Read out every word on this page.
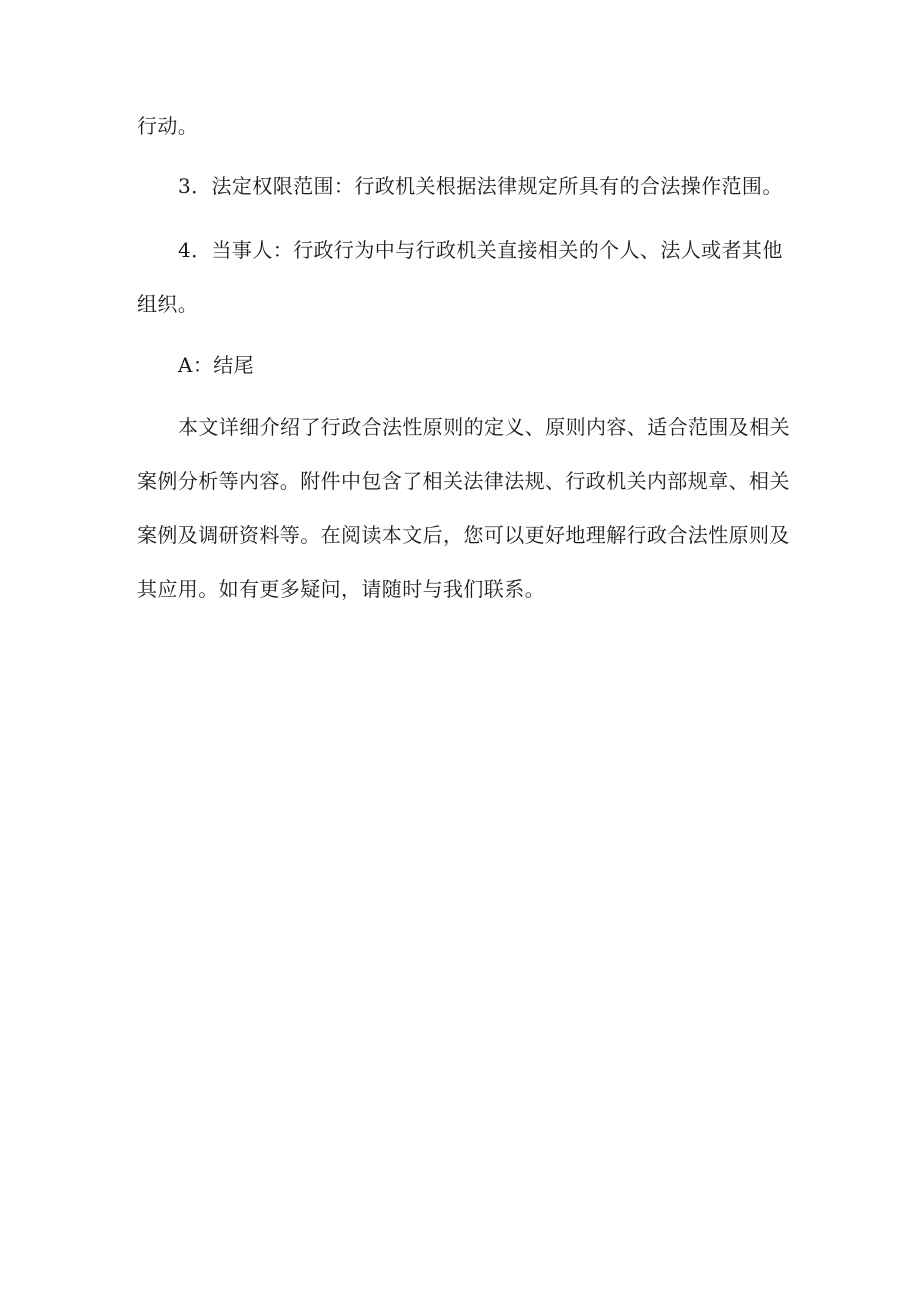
行动。

3．法定权限范围：行政机关根据法律规定所具有的合法操作范围。

4．当事人：行政行为中与行政机关直接相关的个人、法人或者其他
组织。

A：结尾

本文详细介绍了行政合法性原则的定义、原则内容、适合范围及相关
案例分析等内容。附件中包含了相关法律法规、行政机关内部规章、相关
案例及调研资料等。在阅读本文后，您可以更好地理解行政合法性原则及
其应用。如有更多疑问，请随时与我们联系。
